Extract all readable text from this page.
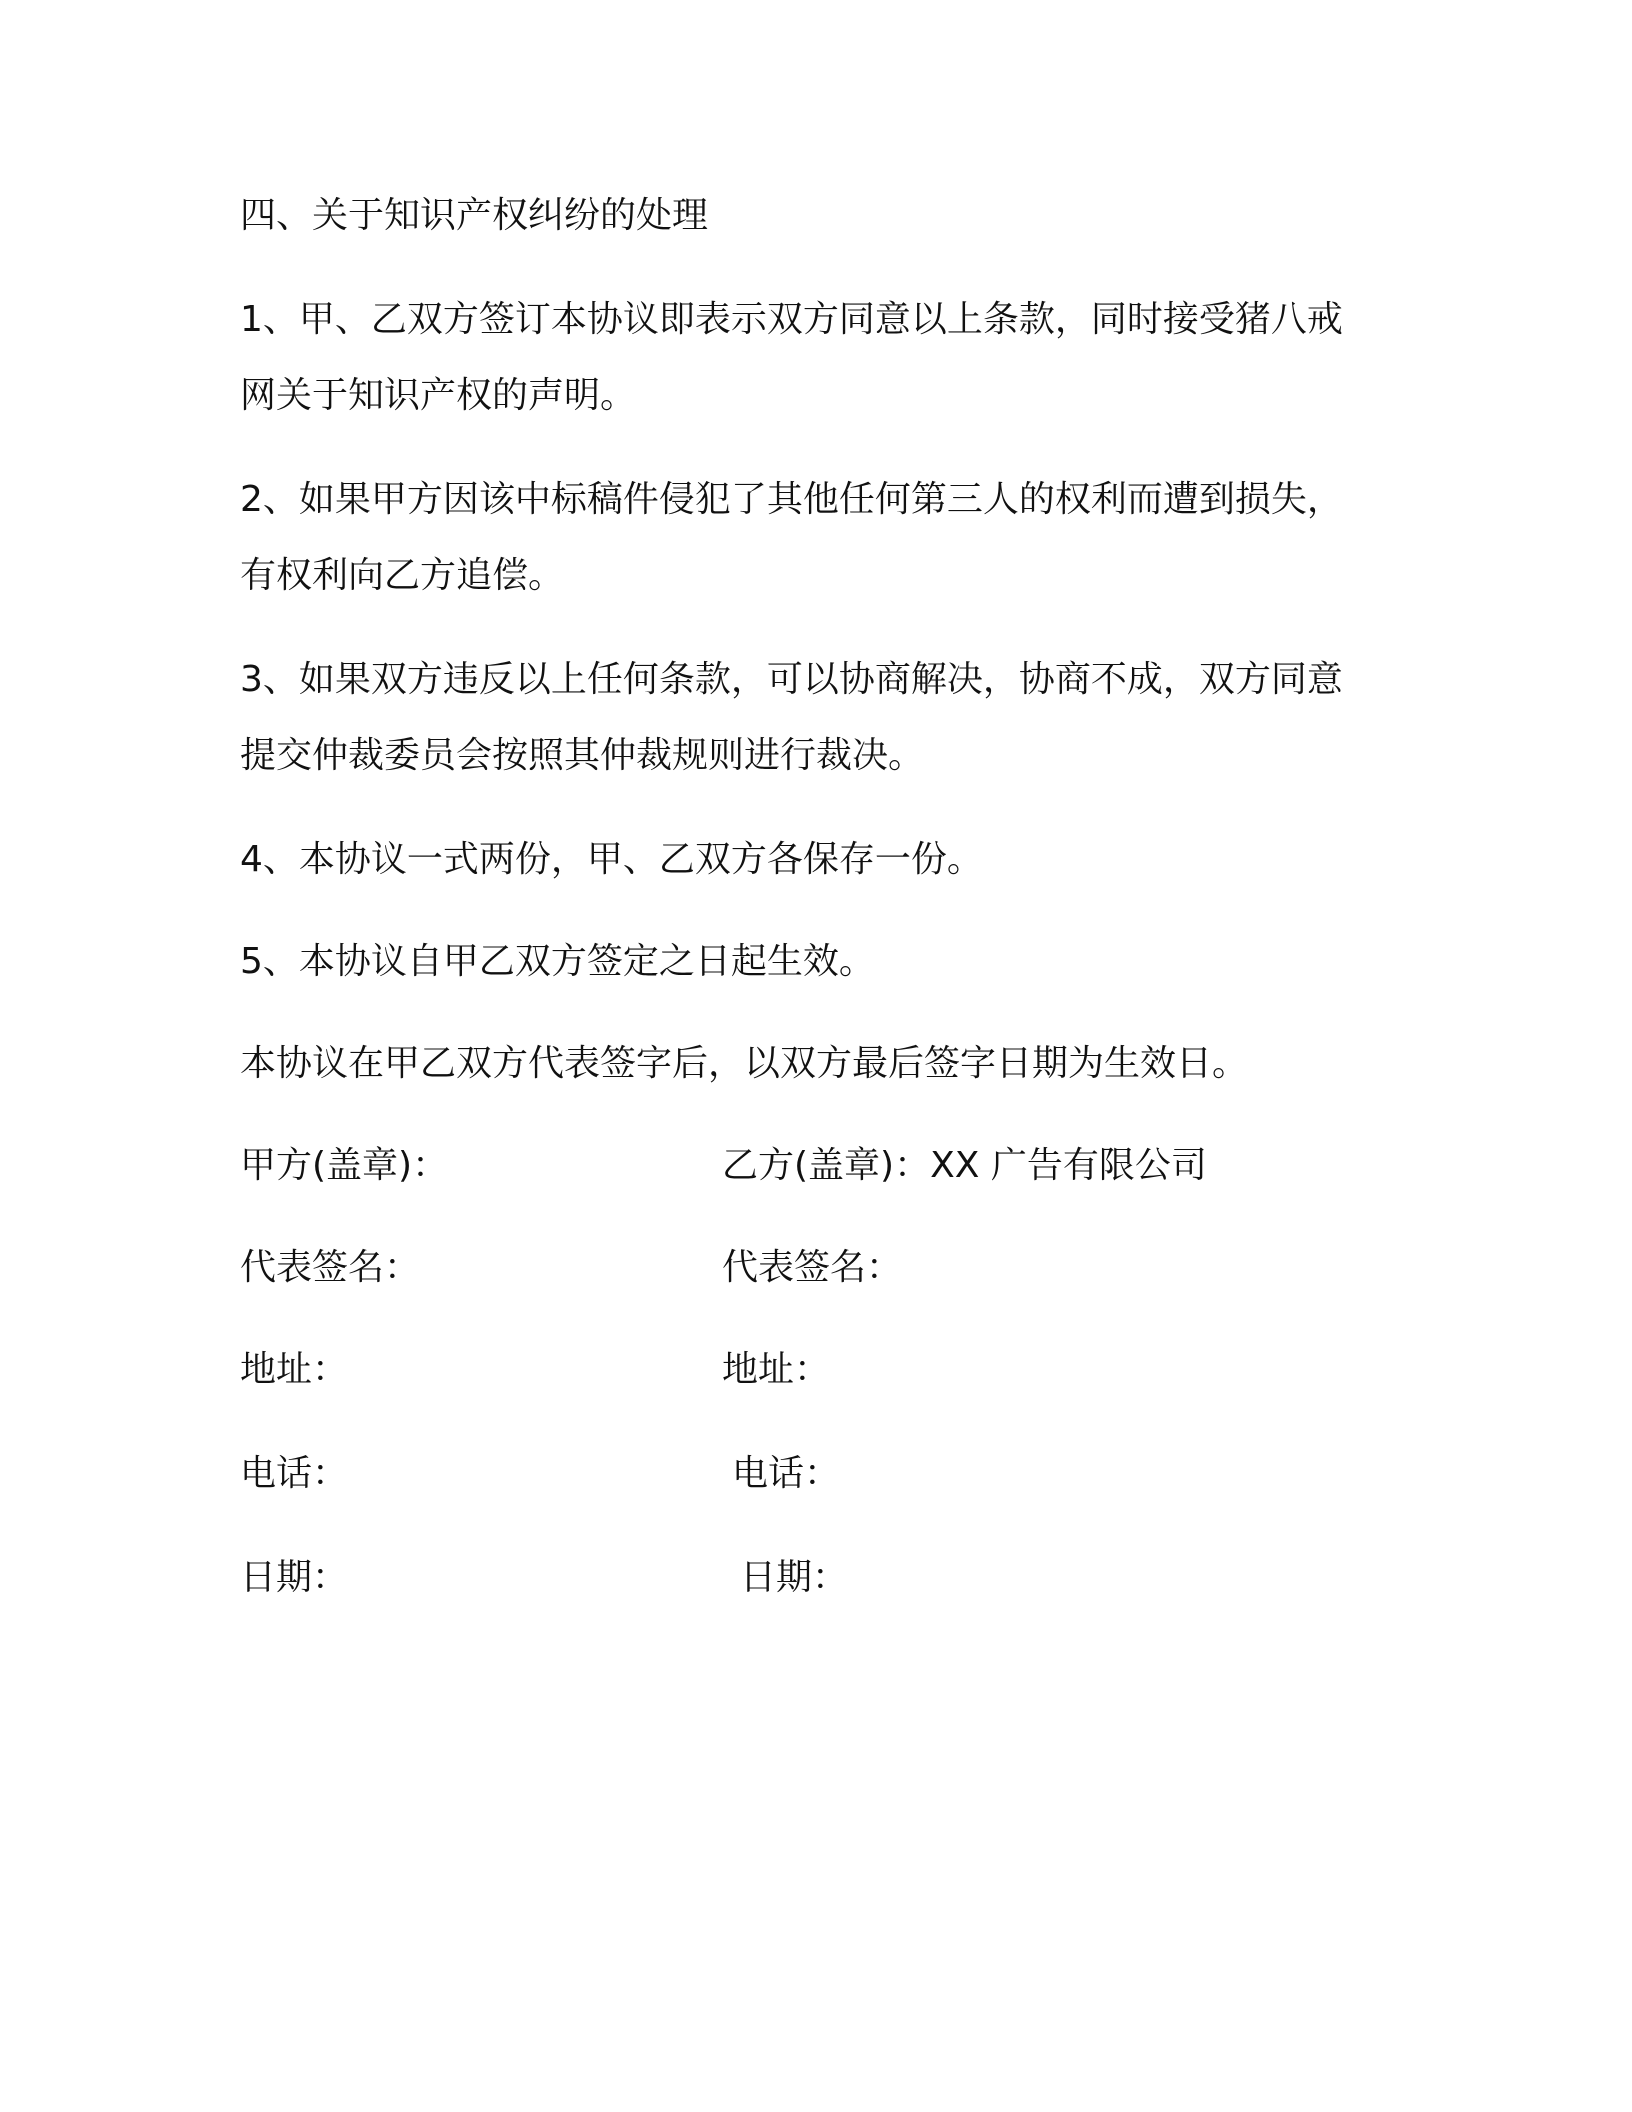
四、关于知识产权纠纷的处理
1、甲、乙双方签订本协议即表示双方同意以上条款，同时接受猪八戒
网关于知识产权的声明。
2、如果甲方因该中标稿件侵犯了其他任何第三人的权利而遭到损失，
有权利向乙方追偿。
3、如果双方违反以上任何条款，可以协商解决，协商不成，双方同意
提交仲裁委员会按照其仲裁规则进行裁决。
4、本协议一式两份，甲、乙双方各保存一份。
5、本协议自甲乙双方签定之日起生效。
本协议在甲乙双方代表签字后，以双方最后签字日期为生效日。
甲方(盖章)：
代表签名：
地址：
电话：
日期：
乙方(盖章)：XX 广告有限公司
代表签名：
地址：
电话：
日期：
